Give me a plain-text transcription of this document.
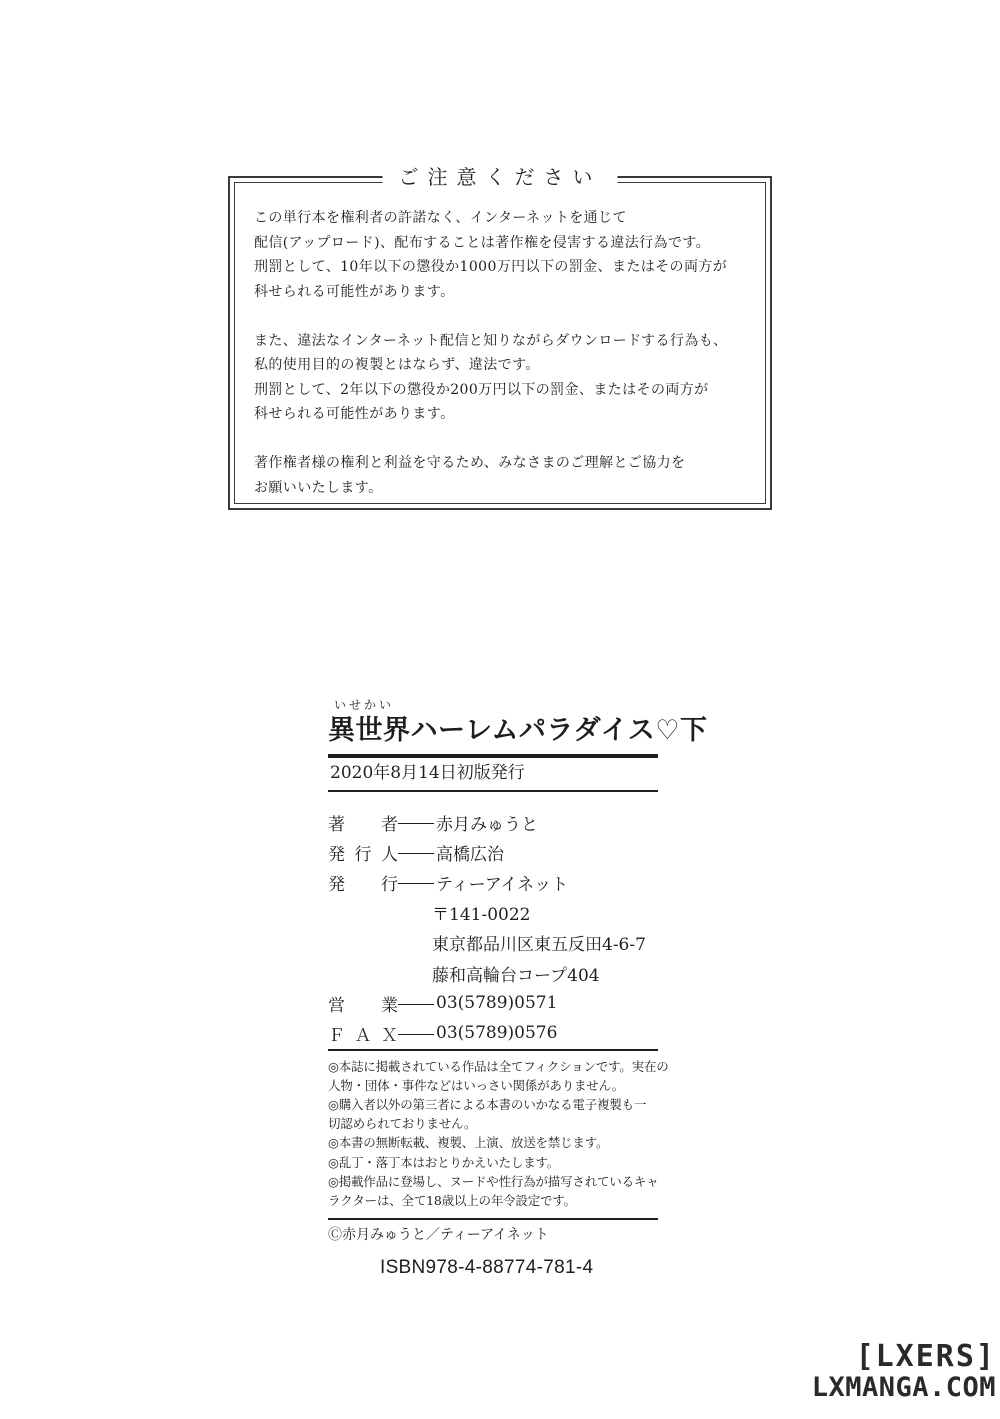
ご注意ください

この単行本を権利者の許諾なく、インターネットを通じて
配信(アップロード)、配布することは著作権を侵害する違法行為です。
刑罰として、10年以下の懲役か1000万円以下の罰金、またはその両方が
科せられる可能性があります。

また、違法なインターネット配信と知りながらダウンロードする行為も、
私的使用目的の複製とはならず、違法です。
刑罰として、2年以下の懲役か200万円以下の罰金、またはその両方が
科せられる可能性があります。

著作権者様の権利と利益を守るため、みなさまのご理解とご協力を
お願いいたします。

いせかい
異世界ハーレムパラダイス♡下
2020年8月14日初版発行
著　者 赤月みゅうと
発行人 高橋広治
発　行 ティーアイネット
〒141-0022
東京都品川区東五反田4-6-7
藤和高輪台コープ404
営　業 03(5789)0571
ＦＡＸ 03(5789)0576
◎本誌に掲載されている作品は全てフィクションです。実在の
人物・団体・事件などはいっさい関係がありません。
◎購入者以外の第三者による本書のいかなる電子複製も一
切認められておりません。
◎本書の無断転載、複製、上演、放送を禁じます。
◎乱丁・落丁本はおとりかえいたします。
◎掲載作品に登場し、ヌードや性行為が描写されているキャ
ラクターは、全て18歳以上の年令設定です。
Ⓒ赤月みゅうと／ティーアイネット
ISBN978-4-88774-781-4
[LXERS]
LXMANGA.COM
